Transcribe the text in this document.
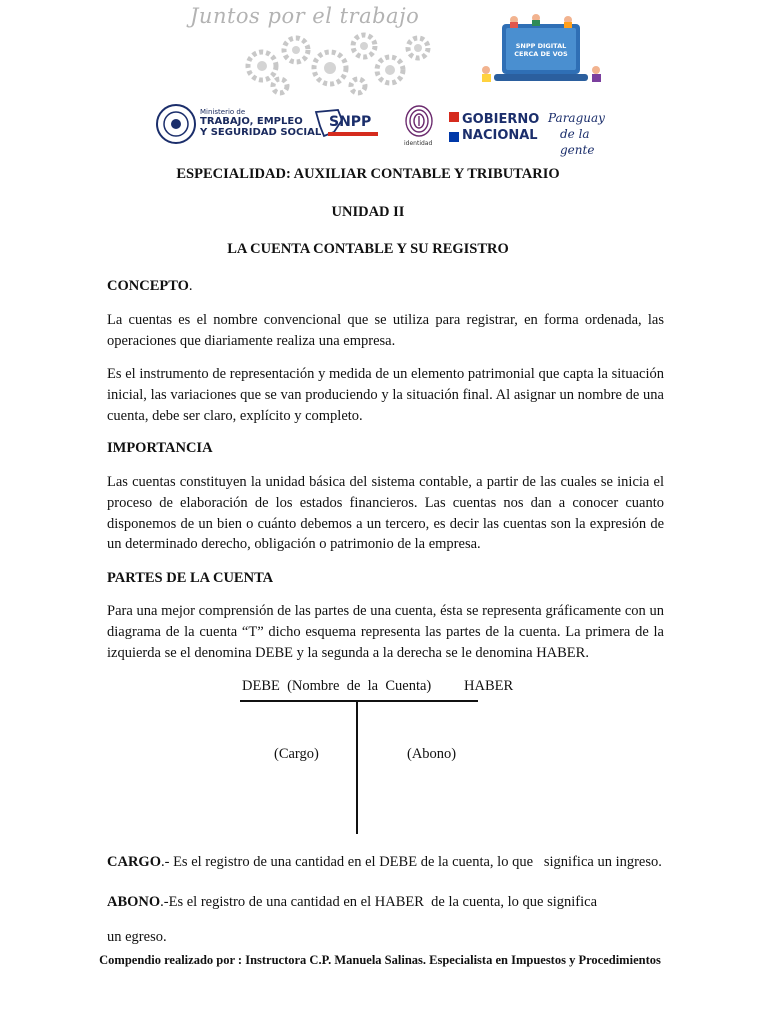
Juntos por el trabajo
SNPP DIGITAL
CERCA DE VOS
Ministerio de
TRABAJO, EMPLEO
Y SEGURIDAD SOCIAL
SNPP
identidad
GOBIERNO
NACIONAL
Paraguay
de la gente
ESPECIALIDAD: AUXILIAR CONTABLE Y TRIBUTARIO
UNIDAD II
LA CUENTA CONTABLE Y SU REGISTRO
CONCEPTO.
La cuentas es el nombre convencional que se utiliza para registrar, en forma ordenada, las operaciones que diariamente realiza una empresa.
Es el instrumento de representación y medida de un elemento patrimonial que capta la situación inicial, las variaciones que se van produciendo y la situación final. Al asignar un nombre de una cuenta, debe ser claro, explícito y completo.
IMPORTANCIA
Las cuentas constituyen la unidad básica del sistema contable, a partir de las cuales se inicia el proceso de elaboración de los estados financieros. Las cuentas nos dan a conocer cuanto disponemos de un bien o cuánto debemos a un tercero, es decir las cuentas son la expresión de un determinado derecho, obligación o patrimonio de la empresa.
PARTES DE LA CUENTA
Para una mejor comprensión de las partes de una cuenta, ésta se representa gráficamente con un diagrama de la cuenta “T” dicho esquema representa las partes de la cuenta. La primera de la izquierda se el denomina DEBE y la segunda a la derecha se le denomina HABER.
DEBE  (Nombre  de  la  Cuenta) HABER
(Cargo)	(Abono)
CARGO.- Es el registro de una cantidad en el DEBE de la cuenta, lo que   significa un ingreso.
ABONO.-Es el registro de una cantidad en el HABER  de la cuenta, lo que significa
un egreso.
Compendio realizado por : Instructora C.P. Manuela Salinas. Especialista en Impuestos y Procedimientos
